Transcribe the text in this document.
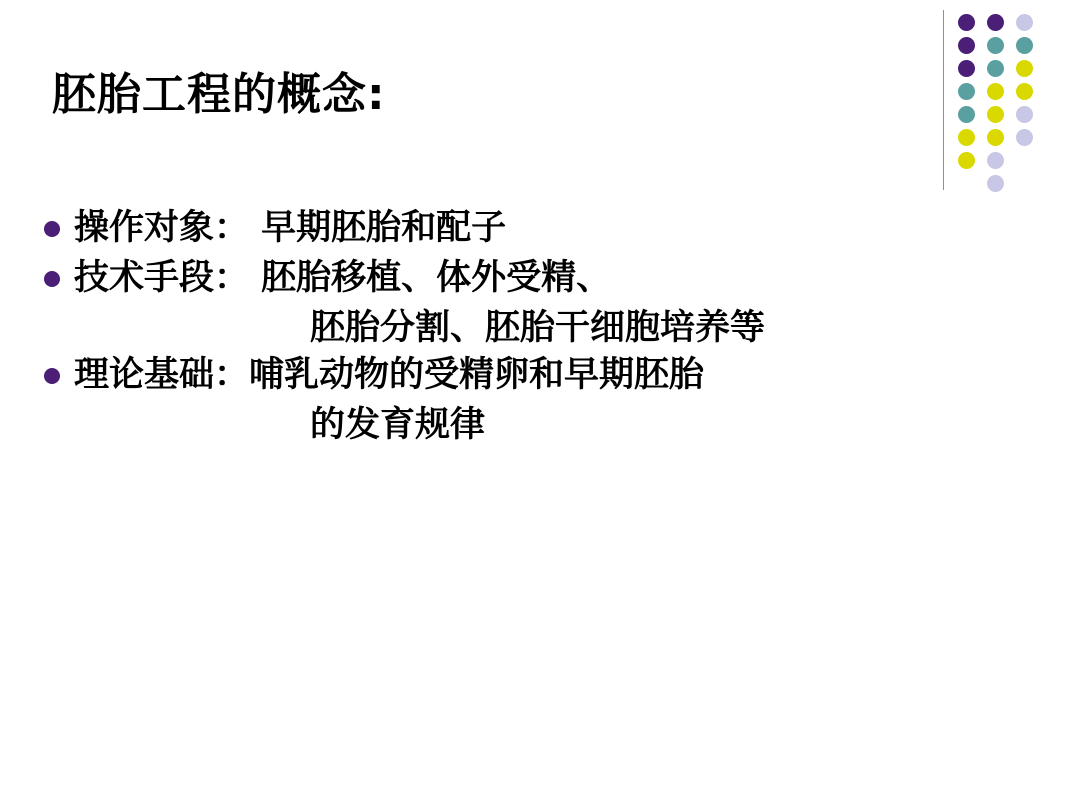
胚胎工程的概念:
操作对象： 早期胚胎和配子
技术手段： 胚胎移植、体外受精、
胚胎分割、胚胎干细胞培养等
理论基础：哺乳动物的受精卵和早期胚胎
的发育规律
